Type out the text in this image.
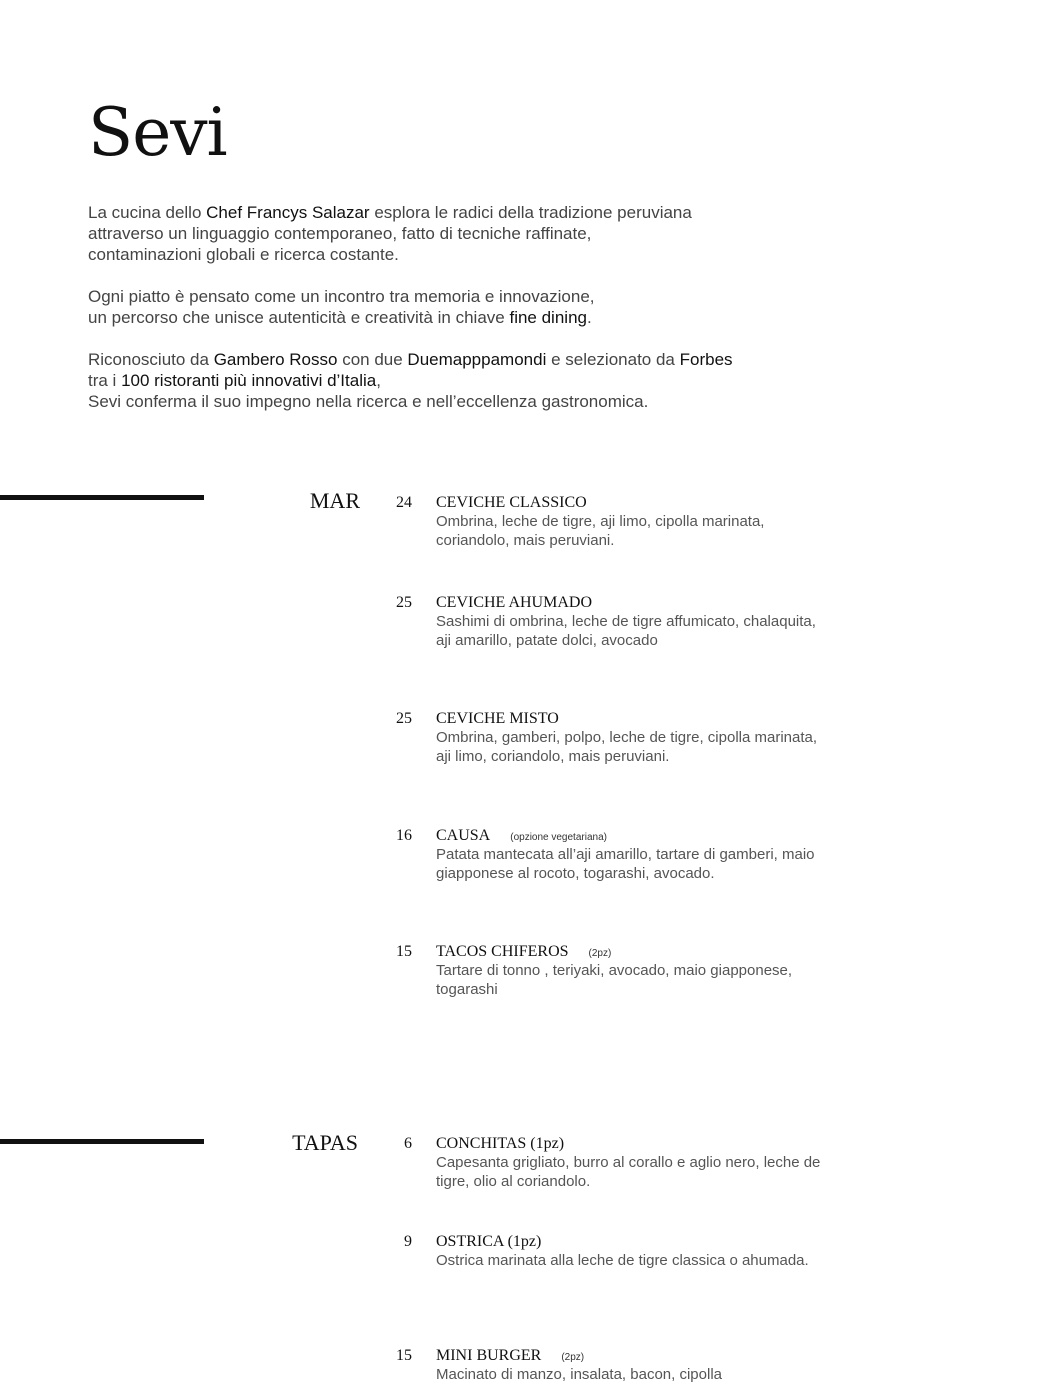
Sevi

La cucina dello Chef Francys Salazar esplora le radici della tradizione peruviana
attraverso un linguaggio contemporaneo, fatto di tecniche raffinate,
contaminazioni globali e ricerca costante.

Ogni piatto è pensato come un incontro tra memoria e innovazione,
un percorso che unisce autenticità e creatività in chiave fine dining.

Riconosciuto da Gambero Rosso con due Duemapppamondi e selezionato da Forbes
tra i 100 ristoranti più innovativi d’Italia,
Sevi conferma il suo impegno nella ricerca e nell’eccellenza gastronomica.

MAR	24 CEVICHE CLASSICO
Ombrina, leche de tigre, aji limo, cipolla marinata, coriandolo, mais peruviani.
25 CEVICHE AHUMADO
Sashimi di ombrina, leche de tigre affumicato, chalaquita, aji amarillo, patate dolci, avocado
25 CEVICHE MISTO
Ombrina, gamberi, polpo, leche de tigre, cipolla marinata, aji limo, coriandolo, mais peruviani.
16 CAUSA (opzione vegetariana)
Patata mantecata all’aji amarillo, tartare di gamberi, maio giapponese al rocoto, togarashi, avocado.
15 TACOS CHIFEROS (2pz)
Tartare di tonno , teriyaki, avocado, maio giapponese, togarashi
TAPAS	6 CONCHITAS (1pz)
Capesanta grigliato, burro al corallo e aglio nero, leche de tigre, olio al coriandolo.
9 OSTRICA (1pz)
Ostrica marinata alla leche de tigre classica o ahumada.
15 MINI BURGER (2pz)
Macinato di manzo, insalata, bacon, cipolla
